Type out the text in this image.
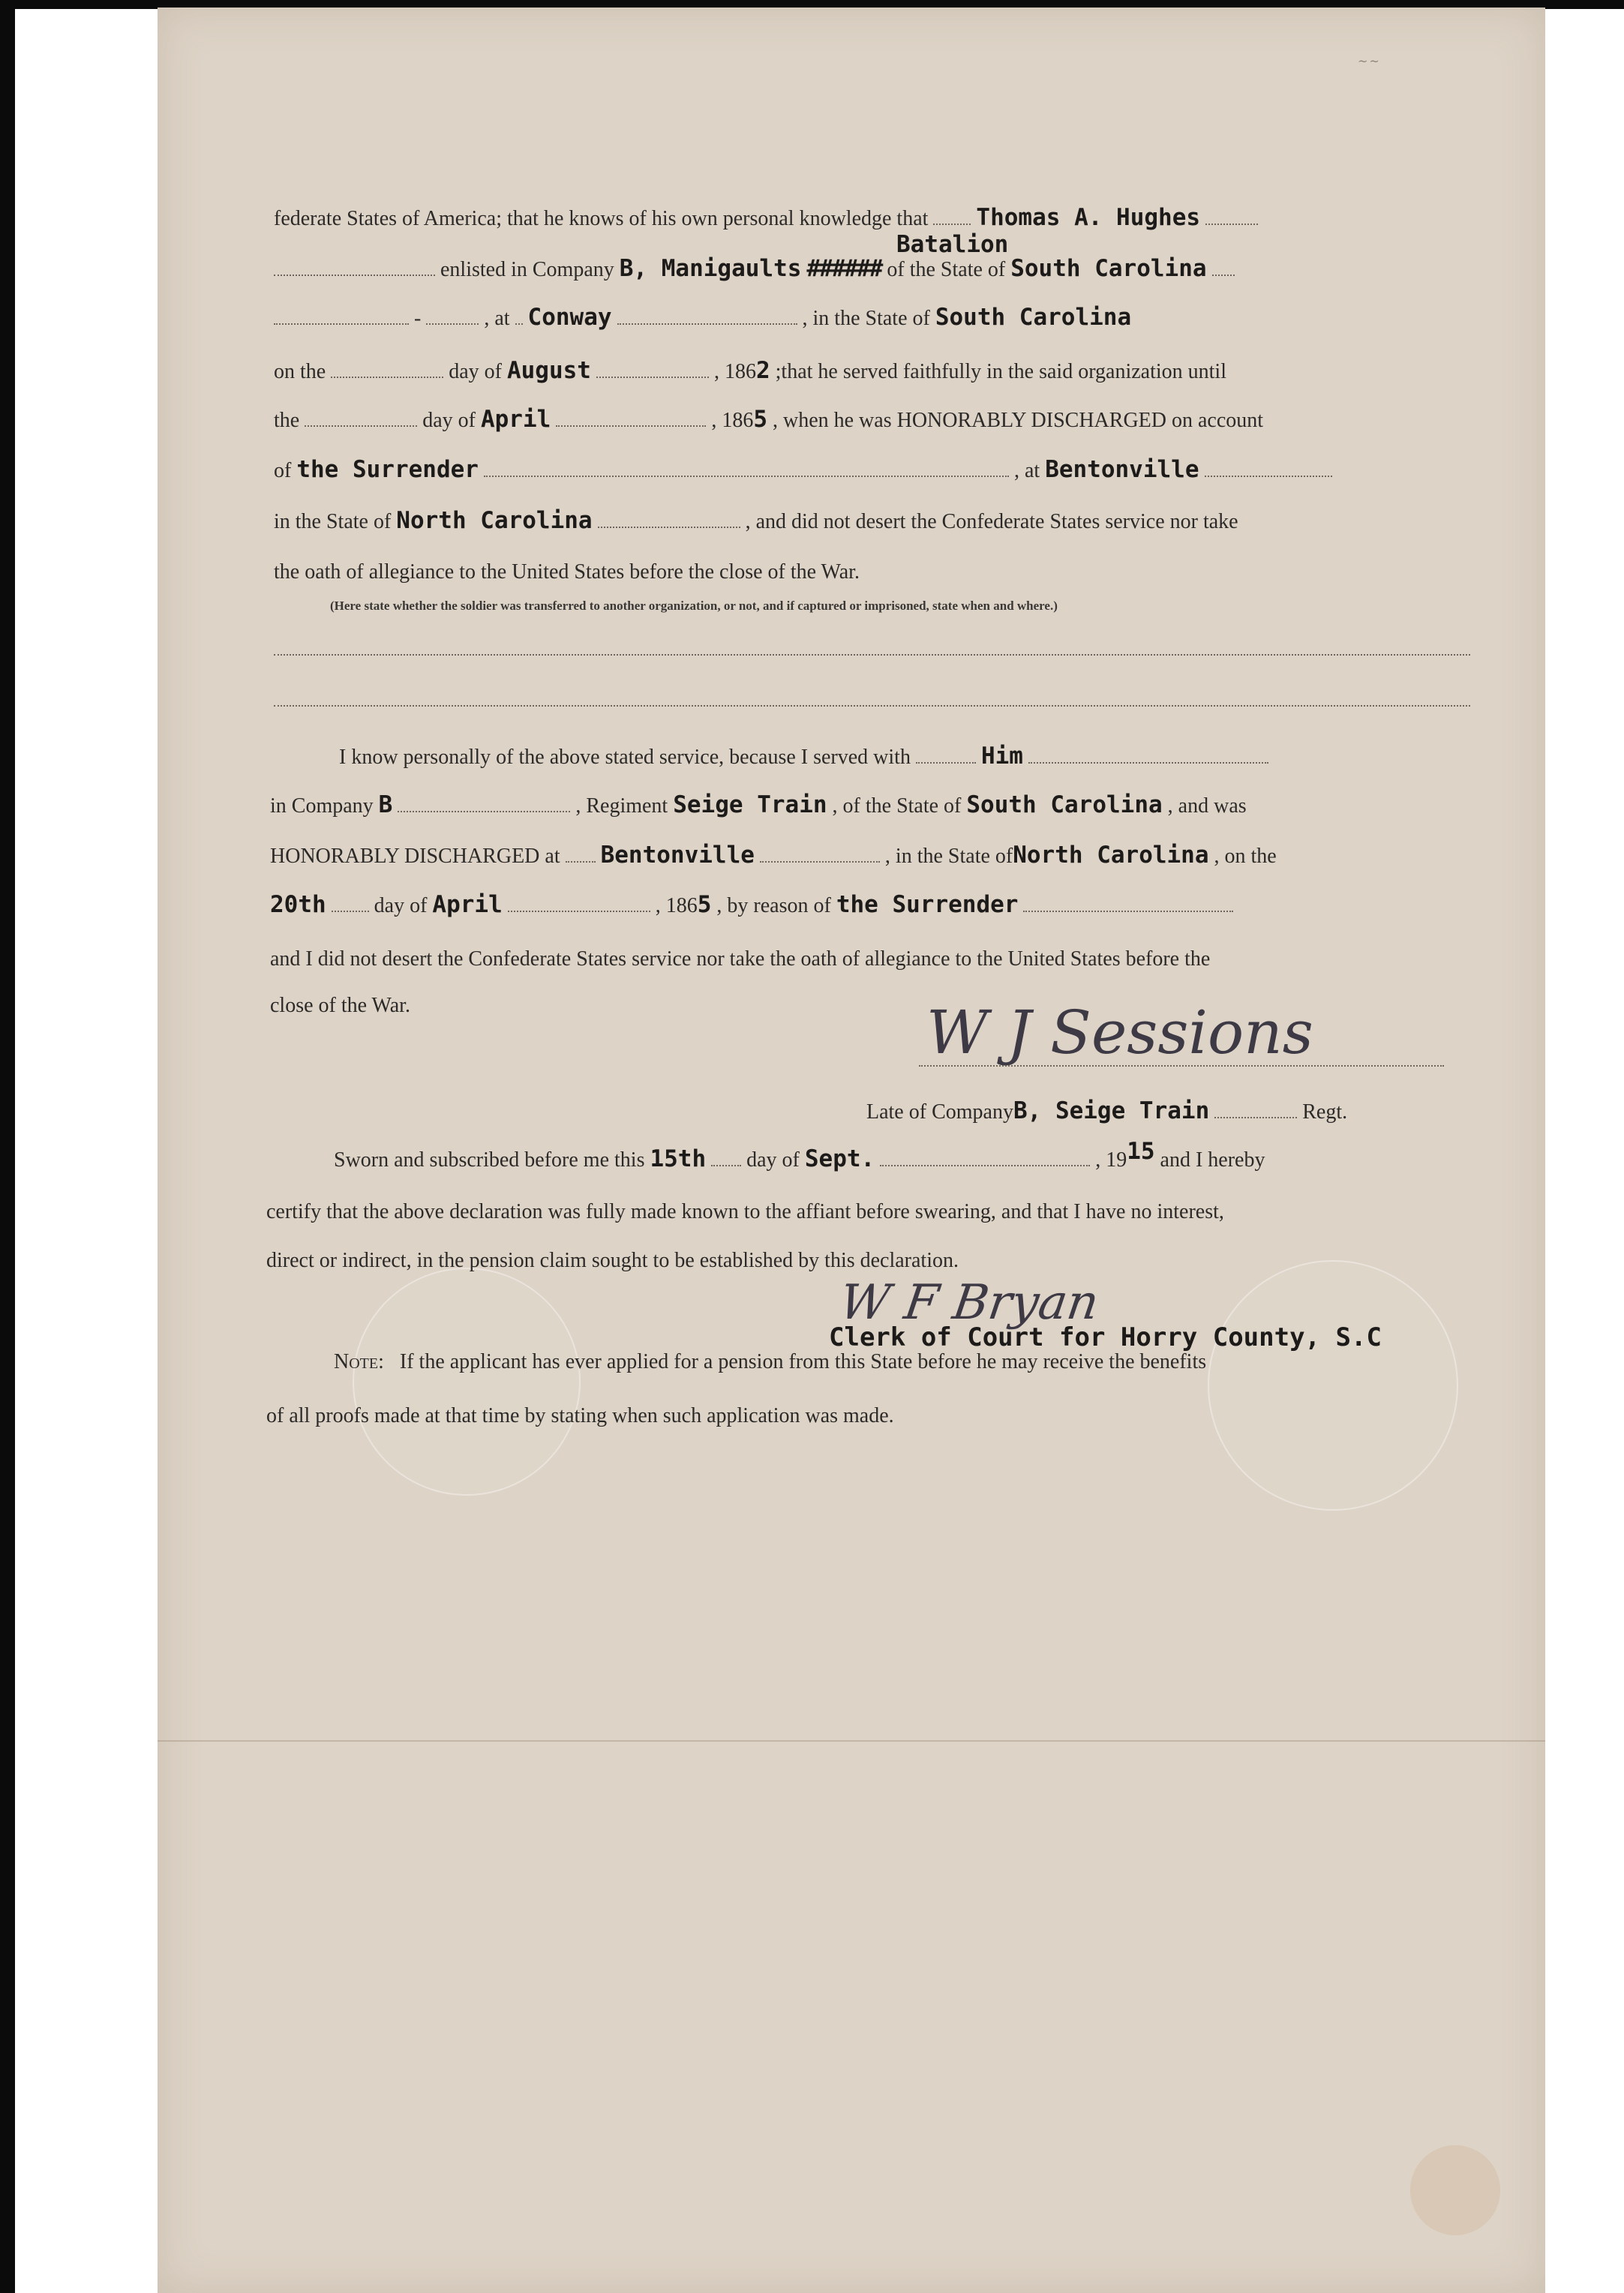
~~
federate States of America; that he knows of his own personal knowledge that Thomas A. Hughes
Batalion
enlisted in Company B, Manigaults ###### of the State of South Carolina
-	, at Conway	, in the State of South Carolina
on the	day of August	, 1862 ;that he served faithfully in the said organization until
the	day of April	, 1865 , when he was HONORABLY DISCHARGED on account
of the Surrender	, at Bentonville
in the State of North Carolina	, and did not desert the Confederate States service nor take
the oath of allegiance to the United States before the close of the War.
(Here state whether the soldier was transferred to another organization, or not, and if captured or imprisoned, state when and where.)
I know personally of the above stated service, because I served with	Him
in Company B	, Regiment Seige Train , of the State of South Carolina , and was
HONORABLY DISCHARGED at Bentonville	, in the State ofNorth Carolina , on the
20th day of April	, 1865 , by reason of the Surrender
and I did not desert the Confederate States service nor take the oath of allegiance to the United States before the
close of the War.	W J Sessions
Late of CompanyB, Seige Train	Regt.
Sworn and subscribed before me this 15th day of Sept.	, 1915 and I hereby
certify that the above declaration was fully made known to the affiant before swearing, and that I have no interest,
direct or indirect, in the pension claim sought to be established by this declaration.
W F Bryan
Clerk of Court for Horry County, S.C
Note: If the applicant has ever applied for a pension from this State before he may receive the benefits
of all proofs made at that time by stating when such application was made.
